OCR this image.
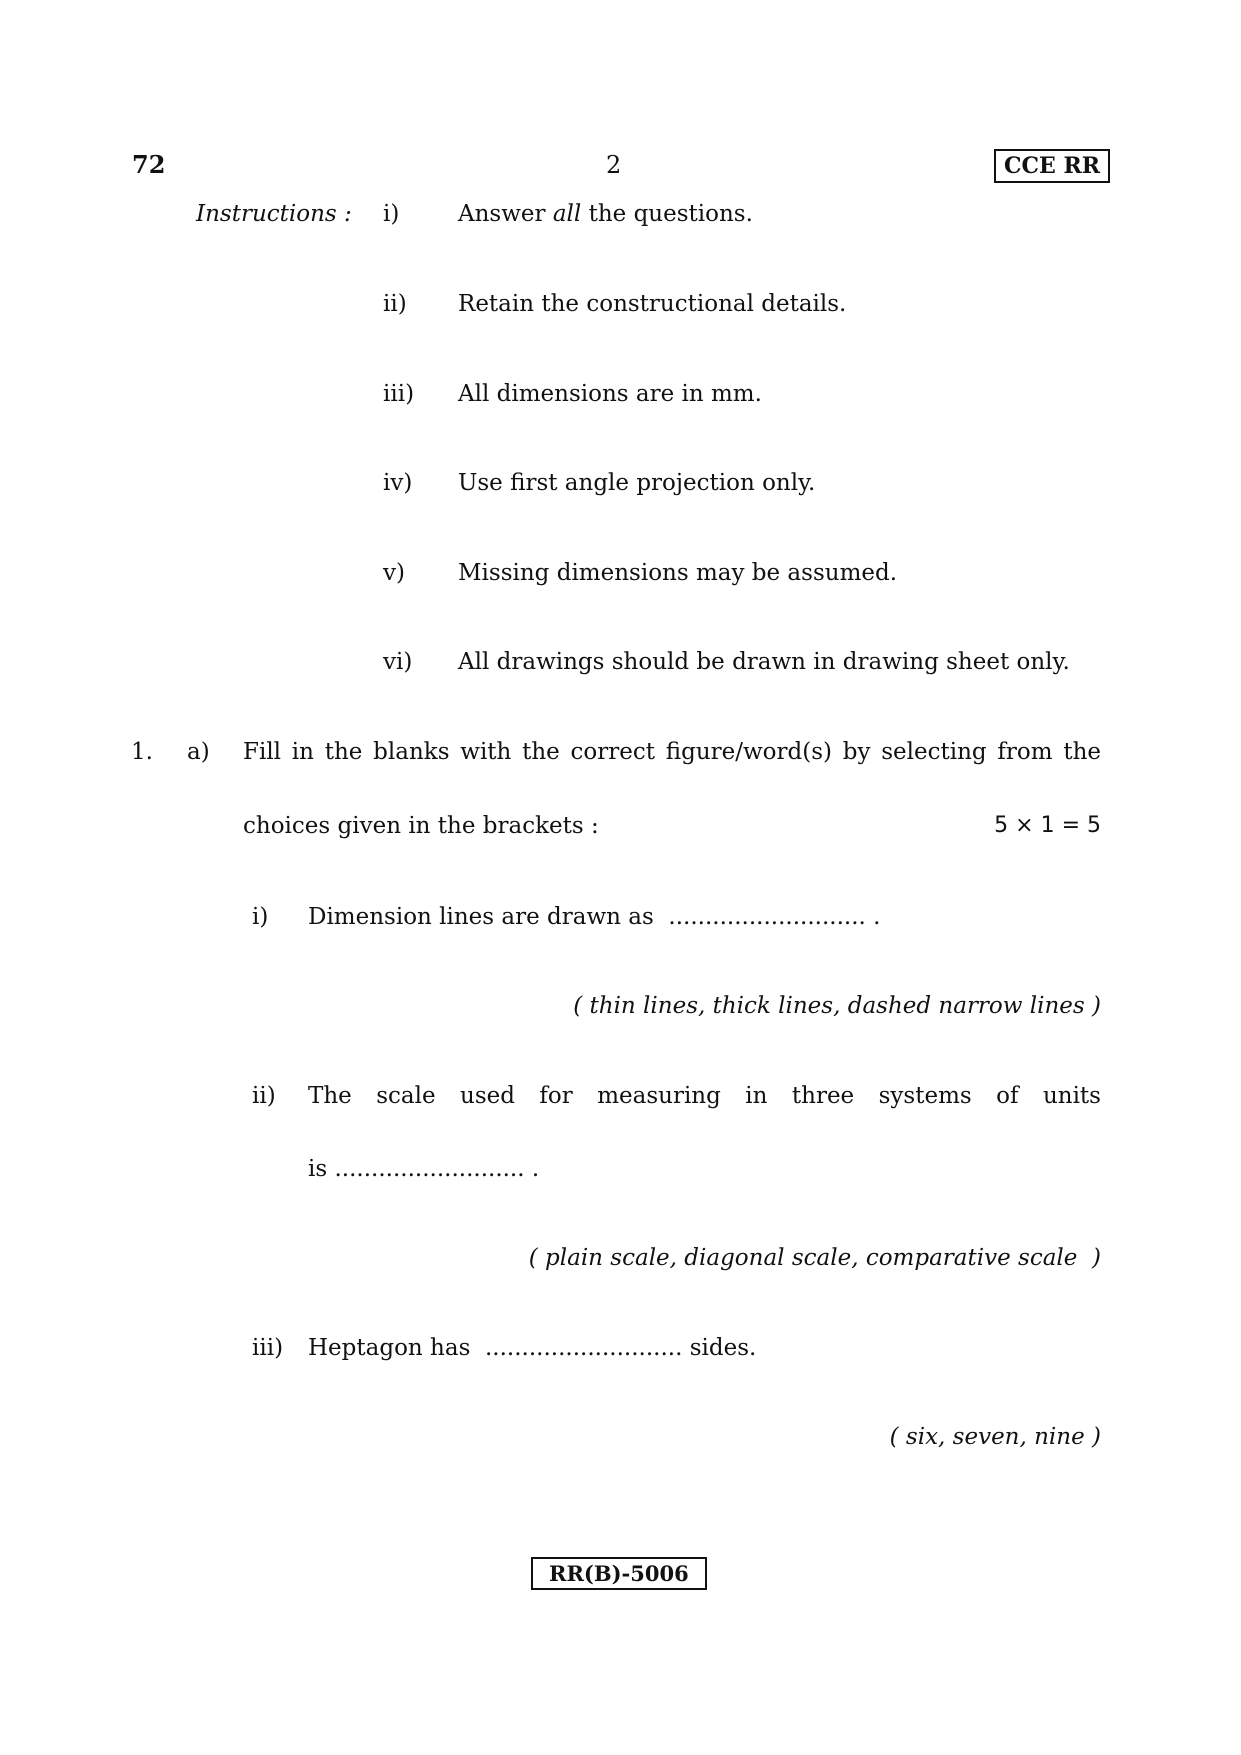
72	2	CCE RR
Instructions : i)	Answer all the questions.
ii) Retain the constructional details.
iii) All dimensions are in mm.
iv) Use first angle projection only.
v) Missing dimensions may be assumed.
vi) All drawings should be drawn in drawing sheet only.
1. a) Fill in the blanks with the correct figure/word(s) by selecting from the
choices given in the brackets :	5 × 1 = 5
i) Dimension lines are drawn as  ........................... .
( thin lines, thick lines, dashed narrow lines )
ii) The scale used for measuring in three systems of units
is .......................... .
( plain scale, diagonal scale, comparative scale  )
iii) Heptagon has  ........................... sides.
( six, seven, nine )
RR(B)-5006
